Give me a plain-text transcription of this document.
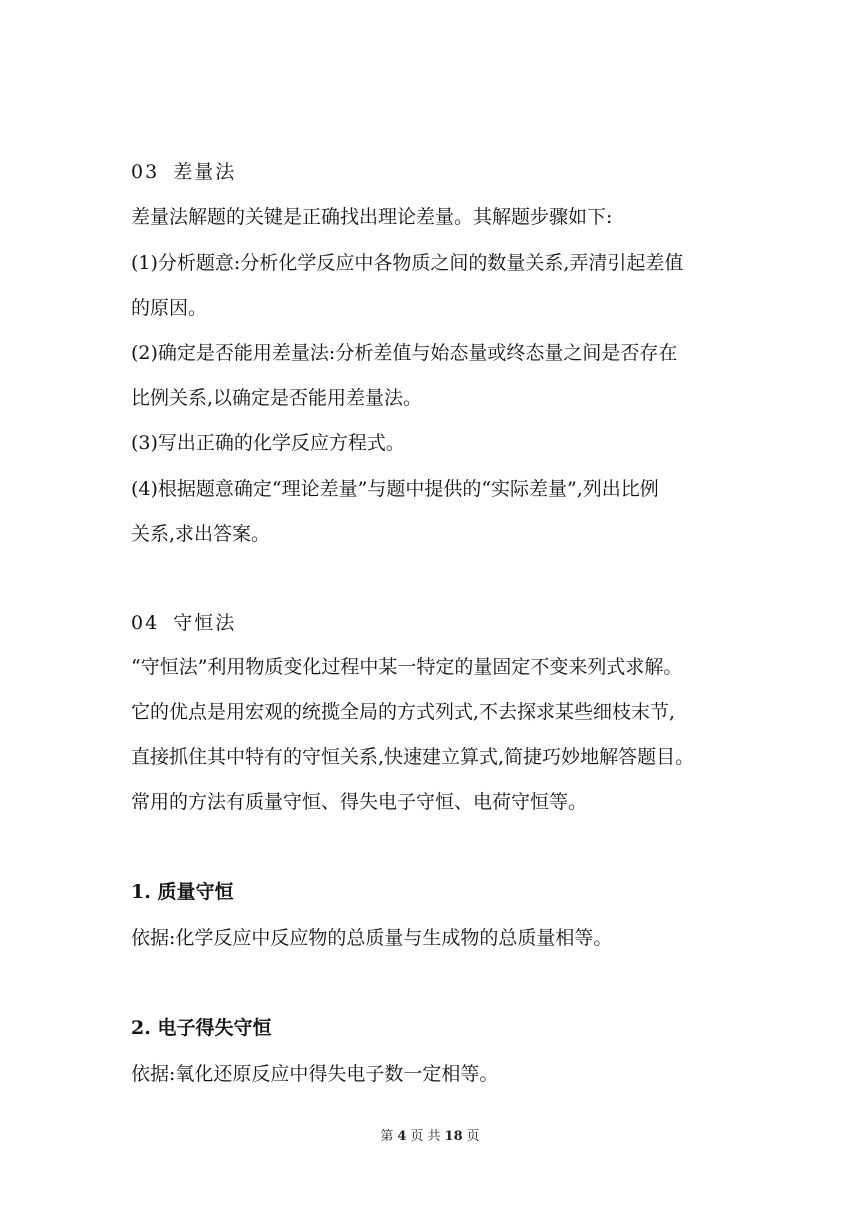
03 差量法
差量法解题的关键是正确找出理论差量。其解题步骤如下:
(1)分析题意:分析化学反应中各物质之间的数量关系,弄清引起差值
的原因。
(2)确定是否能用差量法:分析差值与始态量或终态量之间是否存在
比例关系,以确定是否能用差量法。
(3)写出正确的化学反应方程式。
(4)根据题意确定“理论差量”与题中提供的“实际差量”,列出比例
关系,求出答案。
04 守恒法
“守恒法”利用物质变化过程中某一特定的量固定不变来列式求解。
它的优点是用宏观的统揽全局的方式列式,不去探求某些细枝末节,
直接抓住其中特有的守恒关系,快速建立算式,简捷巧妙地解答题目。
常用的方法有质量守恒、得失电子守恒、电荷守恒等。
1. 质量守恒
依据:化学反应中反应物的总质量与生成物的总质量相等。
2. 电子得失守恒
依据:氧化还原反应中得失电子数一定相等。
第 4 页 共 18 页
